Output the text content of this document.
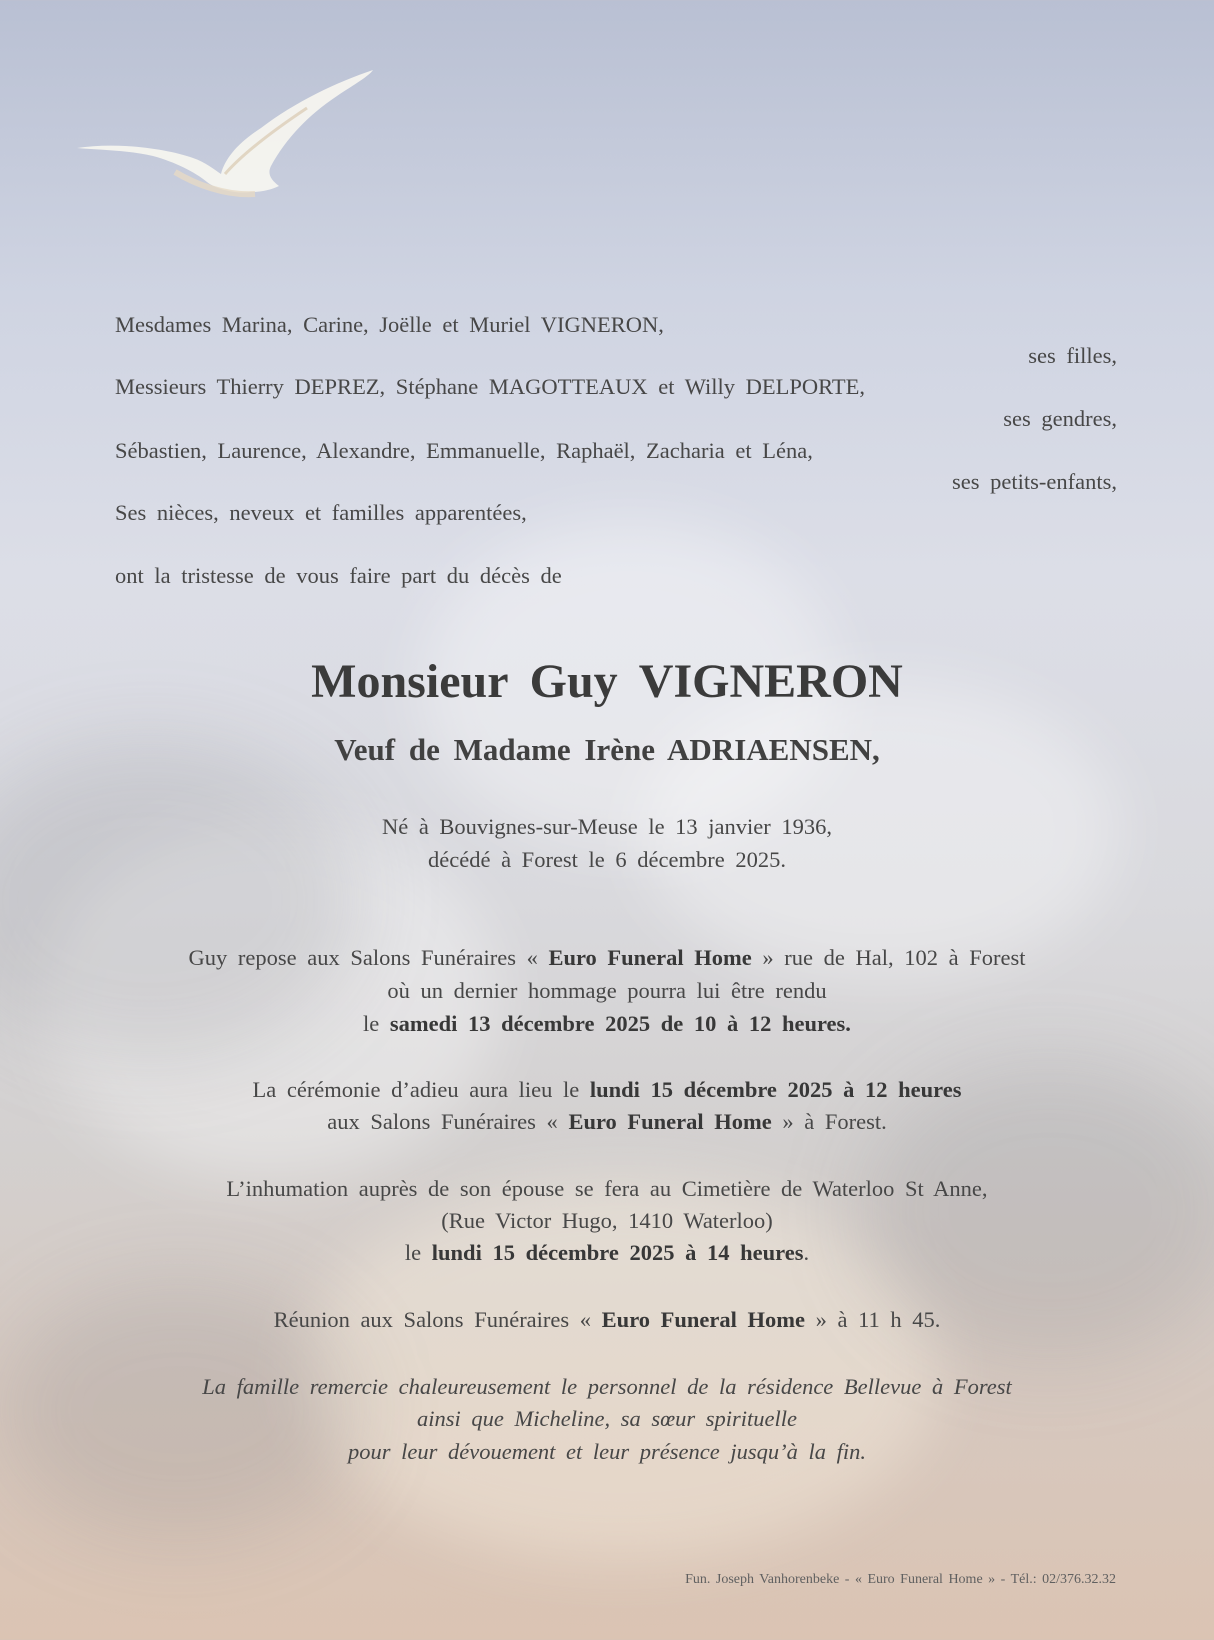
Mesdames Marina, Carine, Joëlle et Muriel VIGNERON,
ses filles,
Messieurs Thierry DEPREZ, Stéphane MAGOTTEAUX et Willy DELPORTE,
ses gendres,
Sébastien, Laurence, Alexandre, Emmanuelle, Raphaël, Zacharia et Léna,
ses petits-enfants,
Ses nièces, neveux et familles apparentées,
ont la tristesse de vous faire part du décès de
Monsieur Guy VIGNERON
Veuf de Madame Irène ADRIAENSEN,
Né à Bouvignes-sur-Meuse le 13 janvier 1936,
décédé à Forest le 6 décembre 2025.
Guy repose aux Salons Funéraires « Euro Funeral Home » rue de Hal, 102 à Forest
où un dernier hommage pourra lui être rendu
le samedi 13 décembre 2025 de 10 à 12 heures.
La cérémonie d’adieu aura lieu le lundi 15 décembre 2025 à 12 heures
aux Salons Funéraires « Euro Funeral Home » à Forest.
L’inhumation auprès de son épouse se fera au Cimetière de Waterloo St Anne,
(Rue Victor Hugo, 1410 Waterloo)
le lundi 15 décembre 2025 à 14 heures.
Réunion aux Salons Funéraires « Euro Funeral Home » à 11 h 45.
La famille remercie chaleureusement le personnel de la résidence Bellevue à Forest
ainsi que Micheline, sa sœur spirituelle
pour leur dévouement et leur présence jusqu’à la fin.
Fun. Joseph Vanhorenbeke - « Euro Funeral Home » - Tél.: 02/376.32.32
